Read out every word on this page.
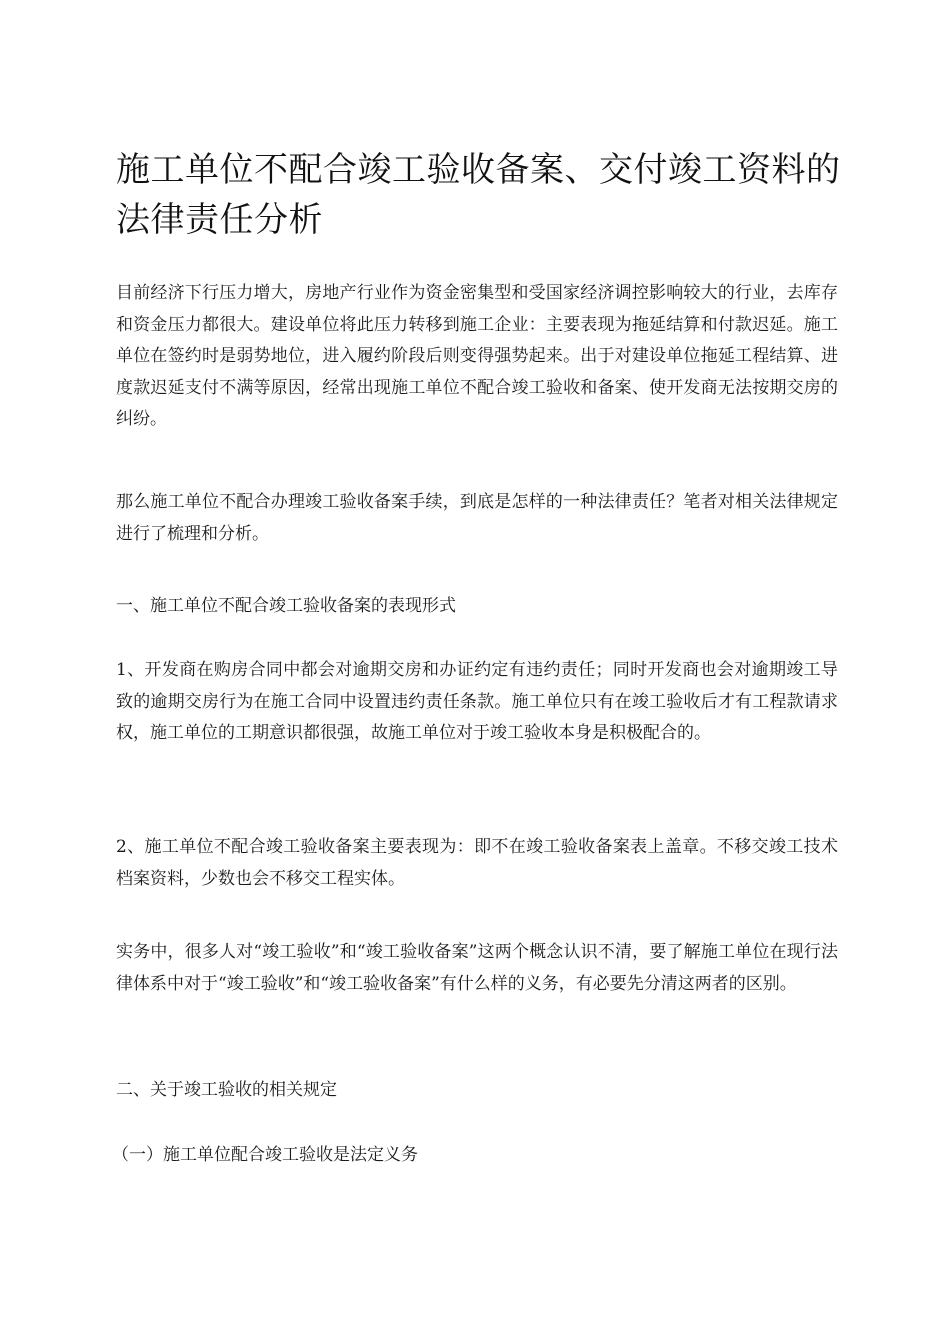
施工单位不配合竣工验收备案、交付竣工资料的法律责任分析

目前经济下行压力增大，房地产行业作为资金密集型和受国家经济调控影响较大的行业，去库存和资金压力都很大。建设单位将此压力转移到施工企业：主要表现为拖延结算和付款迟延。施工单位在签约时是弱势地位，进入履约阶段后则变得强势起来。出于对建设单位拖延工程结算、进度款迟延支付不满等原因，经常出现施工单位不配合竣工验收和备案、使开发商无法按期交房的纠纷。

那么施工单位不配合办理竣工验收备案手续，到底是怎样的一种法律责任？笔者对相关法律规定进行了梳理和分析。

一、施工单位不配合竣工验收备案的表现形式

1、开发商在购房合同中都会对逾期交房和办证约定有违约责任；同时开发商也会对逾期竣工导致的逾期交房行为在施工合同中设置违约责任条款。施工单位只有在竣工验收后才有工程款请求权，施工单位的工期意识都很强，故施工单位对于竣工验收本身是积极配合的。

2、施工单位不配合竣工验收备案主要表现为：即不在竣工验收备案表上盖章。不移交竣工技术档案资料，少数也会不移交工程实体。

实务中，很多人对“竣工验收”和“竣工验收备案”这两个概念认识不清，要了解施工单位在现行法律体系中对于“竣工验收”和“竣工验收备案”有什么样的义务，有必要先分清这两者的区别。

二、关于竣工验收的相关规定

（一）施工单位配合竣工验收是法定义务
